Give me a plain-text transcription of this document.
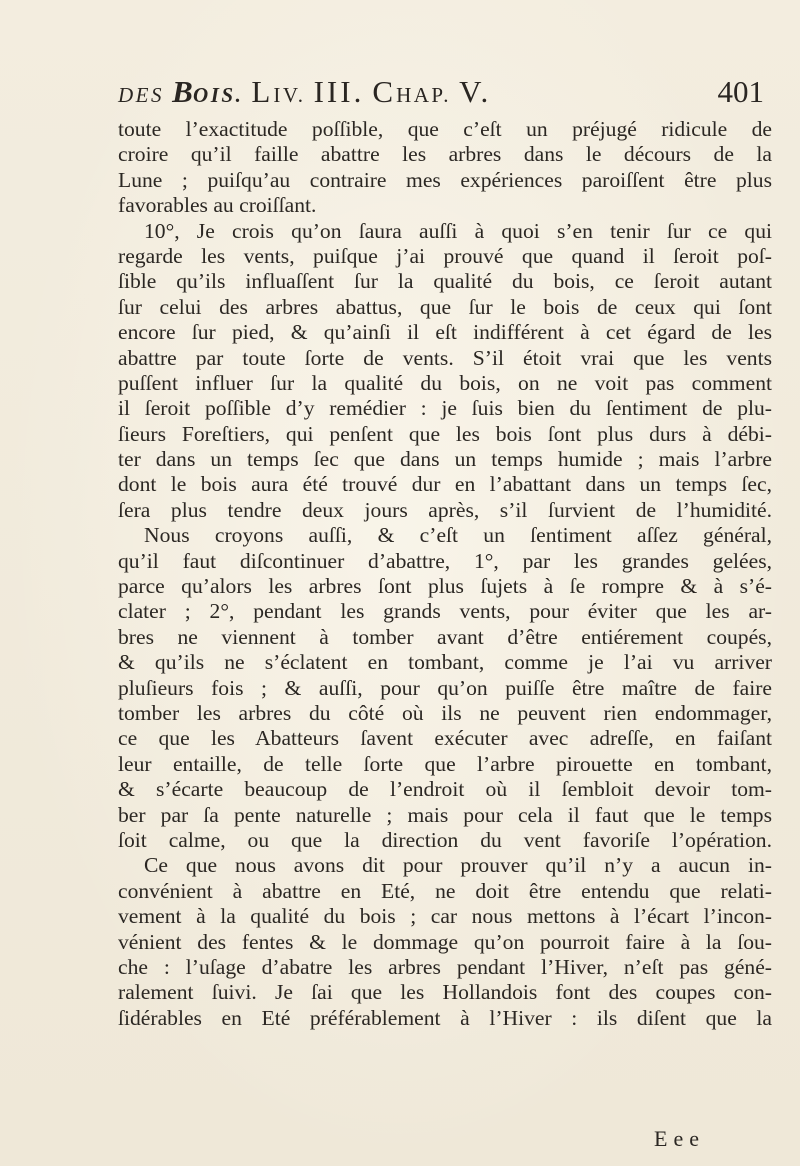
DES BOIS. LIV. III. CHAP. V.	401
toute l’exactitude poſſible, que c’eſt un préjugé ridicule de
croire qu’il faille abattre les arbres dans le décours de la
Lune ; puiſqu’au contraire mes expériences paroiſſent être plus
favorables au croiſſant.
10°, Je crois qu’on ſaura auſſi à quoi s’en tenir ſur ce qui
regarde les vents, puiſque j’ai prouvé que quand il ſeroit poſ-
ſible qu’ils influaſſent ſur la qualité du bois, ce ſeroit autant
ſur celui des arbres abattus, que ſur le bois de ceux qui ſont
encore ſur pied, & qu’ainſi il eſt indifférent à cet égard de les
abattre par toute ſorte de vents. S’il étoit vrai que les vents
puſſent influer ſur la qualité du bois, on ne voit pas comment
il ſeroit poſſible d’y remédier : je ſuis bien du ſentiment de plu-
ſieurs Foreſtiers, qui penſent que les bois ſont plus durs à débi-
ter dans un temps ſec que dans un temps humide ; mais l’arbre
dont le bois aura été trouvé dur en l’abattant dans un temps ſec,
ſera plus tendre deux jours après, s’il ſurvient de l’humidité.
Nous croyons auſſi, & c’eſt un ſentiment aſſez général,
qu’il faut diſcontinuer d’abattre, 1°, par les grandes gelées,
parce qu’alors les arbres ſont plus ſujets à ſe rompre & à s’é-
clater ; 2°, pendant les grands vents, pour éviter que les ar-
bres ne viennent à tomber avant d’être entiérement coupés,
& qu’ils ne s’éclatent en tombant, comme je l’ai vu arriver
pluſieurs fois ; & auſſi, pour qu’on puiſſe être maître de faire
tomber les arbres du côté où ils ne peuvent rien endommager,
ce que les Abatteurs ſavent exécuter avec adreſſe, en faiſant
leur entaille, de telle ſorte que l’arbre pirouette en tombant,
& s’écarte beaucoup de l’endroit où il ſembloit devoir tom-
ber par ſa pente naturelle ; mais pour cela il faut que le temps
ſoit calme, ou que la direction du vent favoriſe l’opération.
Ce que nous avons dit pour prouver qu’il n’y a aucun in-
convénient à abattre en Eté, ne doit être entendu que relati-
vement à la qualité du bois ; car nous mettons à l’écart l’incon-
vénient des fentes & le dommage qu’on pourroit faire à la ſou-
che : l’uſage d’abatre les arbres pendant l’Hiver, n’eſt pas géné-
ralement ſuivi. Je ſai que les Hollandois font des coupes con-
ſidérables en Eté préférablement à l’Hiver : ils diſent que la
Eee
